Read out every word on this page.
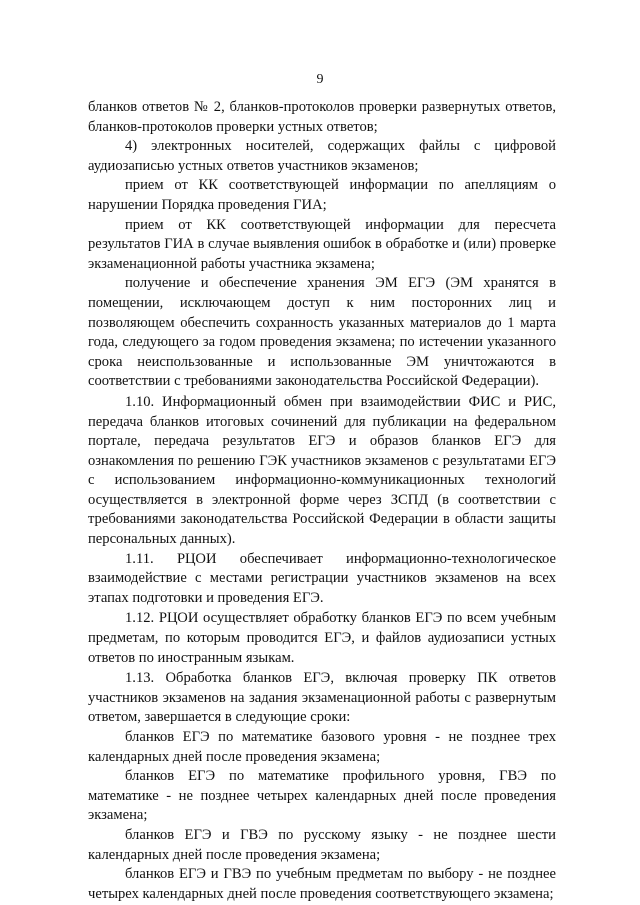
9

бланков ответов № 2, бланков-протоколов проверки развернутых ответов, бланков-протоколов проверки устных ответов;

4) электронных носителей, содержащих файлы с цифровой аудиозаписью устных ответов участников экзаменов;

прием от КК соответствующей информации по апелляциям о нарушении Порядка проведения ГИА;

прием от КК соответствующей информации для пересчета результатов ГИА в случае выявления ошибок в обработке и (или) проверке экзаменационной работы участника экзамена;

получение и обеспечение хранения ЭМ ЕГЭ (ЭМ хранятся в помещении, исключающем доступ к ним посторонних лиц и позволяющем обеспечить сохранность указанных материалов до 1 марта года, следующего за годом проведения экзамена; по истечении указанного срока неиспользованные и использованные ЭМ уничтожаются в соответствии с требованиями законодательства Российской Федерации).

1.10. Информационный обмен при взаимодействии ФИС и РИС, передача бланков итоговых сочинений для публикации на федеральном портале, передача результатов ЕГЭ и образов бланков ЕГЭ для ознакомления по решению ГЭК участников экзаменов с результатами ЕГЭ с использованием информационно-коммуникационных технологий осуществляется в электронной форме через ЗСПД (в соответствии с требованиями законодательства Российской Федерации в области защиты персональных данных).

1.11. РЦОИ обеспечивает информационно-технологическое взаимодействие с местами регистрации участников экзаменов на всех этапах подготовки и проведения ЕГЭ.

1.12. РЦОИ осуществляет обработку бланков ЕГЭ по всем учебным предметам, по которым проводится ЕГЭ, и файлов аудиозаписи устных ответов по иностранным языкам.

1.13. Обработка бланков ЕГЭ, включая проверку ПК ответов участников экзаменов на задания экзаменационной работы с развернутым ответом, завершается в следующие сроки:

бланков ЕГЭ по математике базового уровня - не позднее трех календарных дней после проведения экзамена;

бланков ЕГЭ по математике профильного уровня, ГВЭ по математике - не позднее четырех календарных дней после проведения экзамена;

бланков ЕГЭ и ГВЭ по русскому языку - не позднее шести календарных дней после проведения экзамена;

бланков ЕГЭ и ГВЭ по учебным предметам по выбору - не позднее четырех календарных дней после проведения соответствующего экзамена;
